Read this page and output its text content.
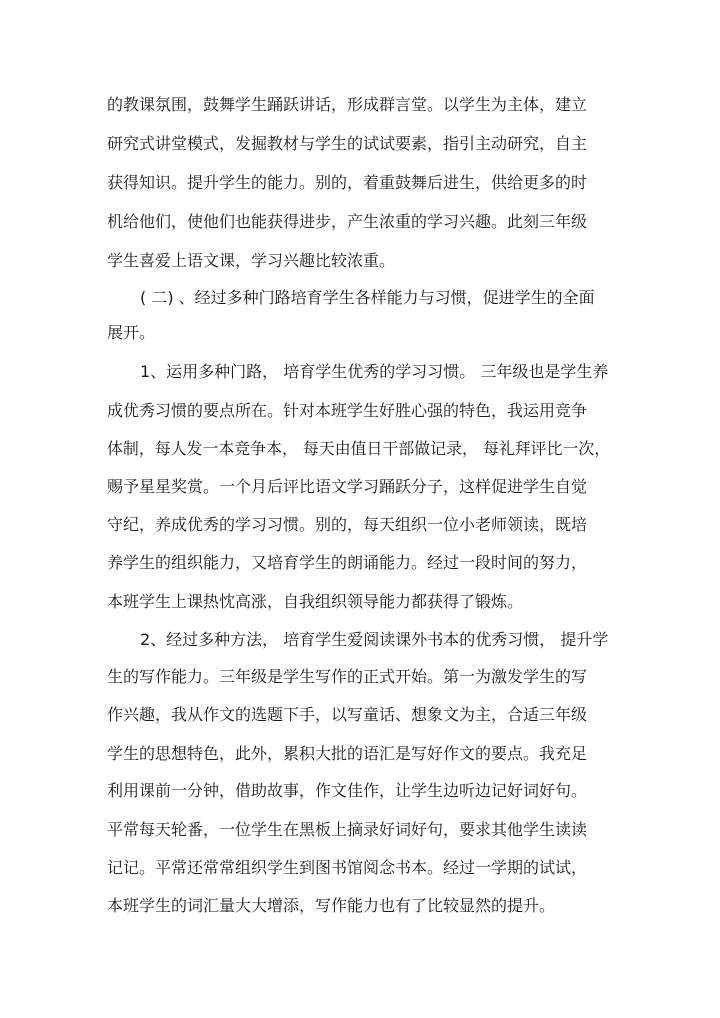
的教课氛围，鼓舞学生踊跃讲话，形成群言堂。以学生为主体，建立
研究式讲堂模式，发掘教材与学生的试试要素，指引主动研究，自主
获得知识。提升学生的能力。别的，着重鼓舞后进生，供给更多的时
机给他们，使他们也能获得进步，产生浓重的学习兴趣。此刻三年级
学生喜爱上语文课，学习兴趣比较浓重。
( 二) 、经过多种门路培育学生各样能力与习惯，促进学生的全面
展开。
1、运用多种门路， 培育学生优秀的学习习惯。 三年级也是学生养
成优秀习惯的要点所在。针对本班学生好胜心强的特色，我运用竞争
体制，每人发一本竞争本， 每天由值日干部做记录， 每礼拜评比一次，
赐予星星奖赏。一个月后评比语文学习踊跃分子，这样促进学生自觉
守纪，养成优秀的学习习惯。别的，每天组织一位小老师领读，既培
养学生的组织能力，又培育学生的朗诵能力。经过一段时间的努力，
本班学生上课热忱高涨，自我组织领导能力都获得了锻炼。
2、经过多种方法， 培育学生爱阅读课外书本的优秀习惯， 提升学
生的写作能力。三年级是学生写作的正式开始。第一为激发学生的写
作兴趣，我从作文的选题下手，以写童话、想象文为主，合适三年级
学生的思想特色，此外，累积大批的语汇是写好作文的要点。我充足
利用课前一分钟，借助故事，作文佳作，让学生边听边记好词好句。
平常每天轮番，一位学生在黑板上摘录好词好句，要求其他学生读读
记记。平常还常常组织学生到图书馆阅念书本。经过一学期的试试，
本班学生的词汇量大大增添，写作能力也有了比较显然的提升。
